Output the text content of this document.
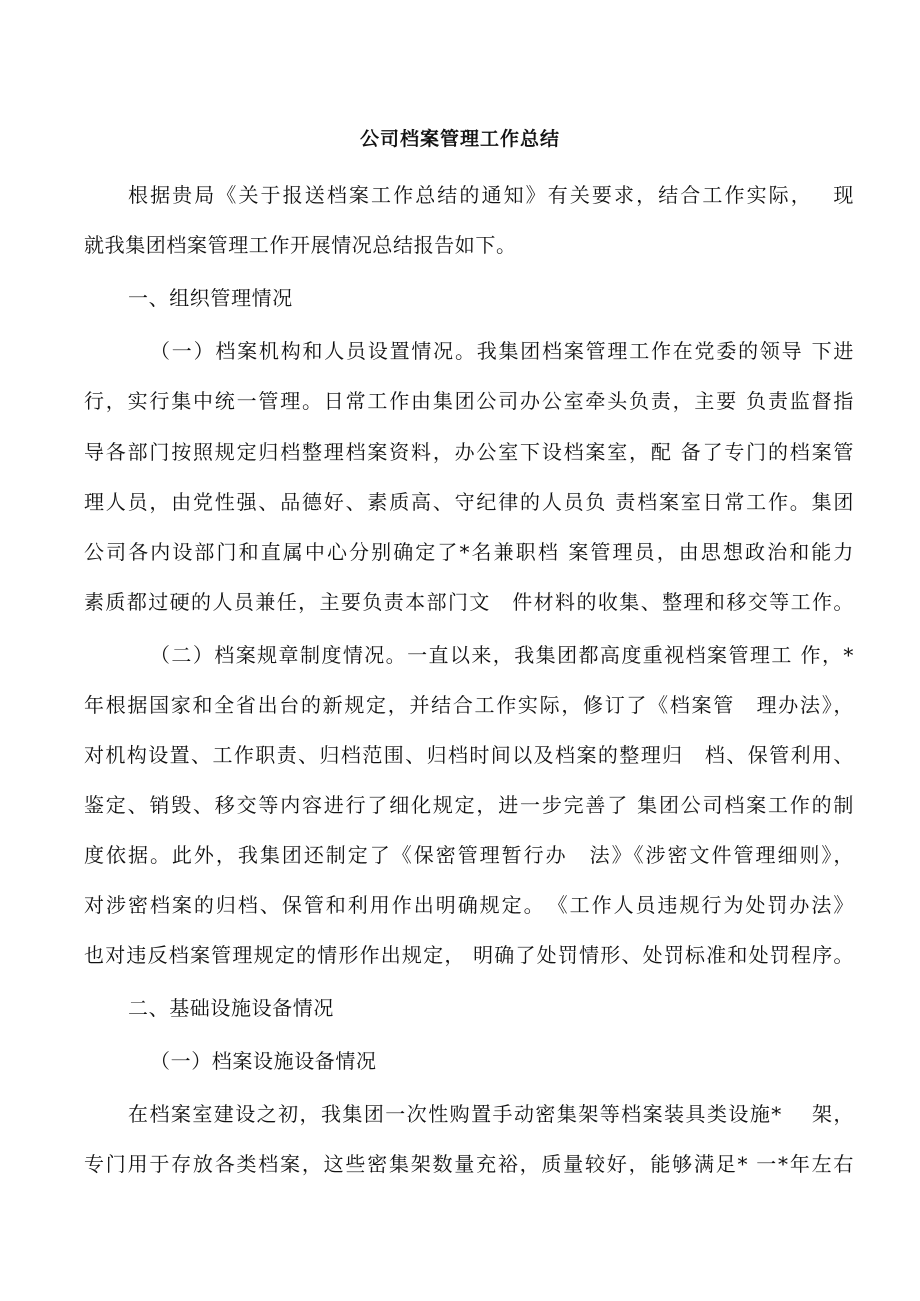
公司档案管理工作总结
根据贵局《关于报送档案工作总结的通知》有关要求，结合工作实际，　 现
就我集团档案管理工作开展情况总结报告如下。
一、组织管理情况
（一）档案机构和人员设置情况。我集团档案管理工作在党委的领导 下进
行，实行集中统一管理。日常工作由集团公司办公室牵头负责，主要 负责监督指
导各部门按照规定归档整理档案资料，办公室下设档案室，配 备了专门的档案管
理人员，由党性强、品德好、素质高、守纪律的人员负 责档案室日常工作。集团
公司各内设部门和直属中心分别确定了*名兼职档 案管理员，由思想政治和能力
素质都过硬的人员兼任，主要负责本部门文　件材料的收集、整理和移交等工作。
（二）档案规章制度情况。一直以来，我集团都高度重视档案管理工 作，*
年根据国家和全省出台的新规定，并结合工作实际，修订了《档案管　理办法》，
对机构设置、工作职责、归档范围、归档时间以及档案的整理归　档、保管利用、
鉴定、销毁、移交等内容进行了细化规定，进一步完善了 集团公司档案工作的制
度依据。此外，我集团还制定了《保密管理暂行办　法》《涉密文件管理细则》，
对涉密档案的归档、保管和利用作出明确规定。　《工作人员违规行为处罚办法》
也对违反档案管理规定的情形作出规定， 明确了处罚情形、处罚标准和处罚程序。
二、基础设施设备情况
（一）档案设施设备情况
在档案室建设之初，我集团一次性购置手动密集架等档案装具类设施*　 架，
专门用于存放各类档案，这些密集架数量充裕，质量较好，能够满足* 一*年左右
